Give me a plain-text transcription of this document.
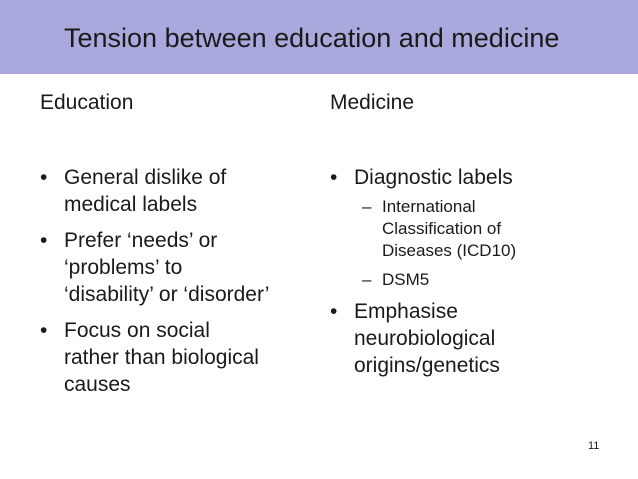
Tension between education and medicine
Education	Medicine
• General dislike of medical labels
• Prefer ‘needs’ or ‘problems’ to ‘disability’ or ‘disorder’
• Focus on social rather than biological causes
• Diagnostic labels
– International Classification of Diseases (ICD10)
– DSM5
• Emphasise neurobiological origins/genetics
11
